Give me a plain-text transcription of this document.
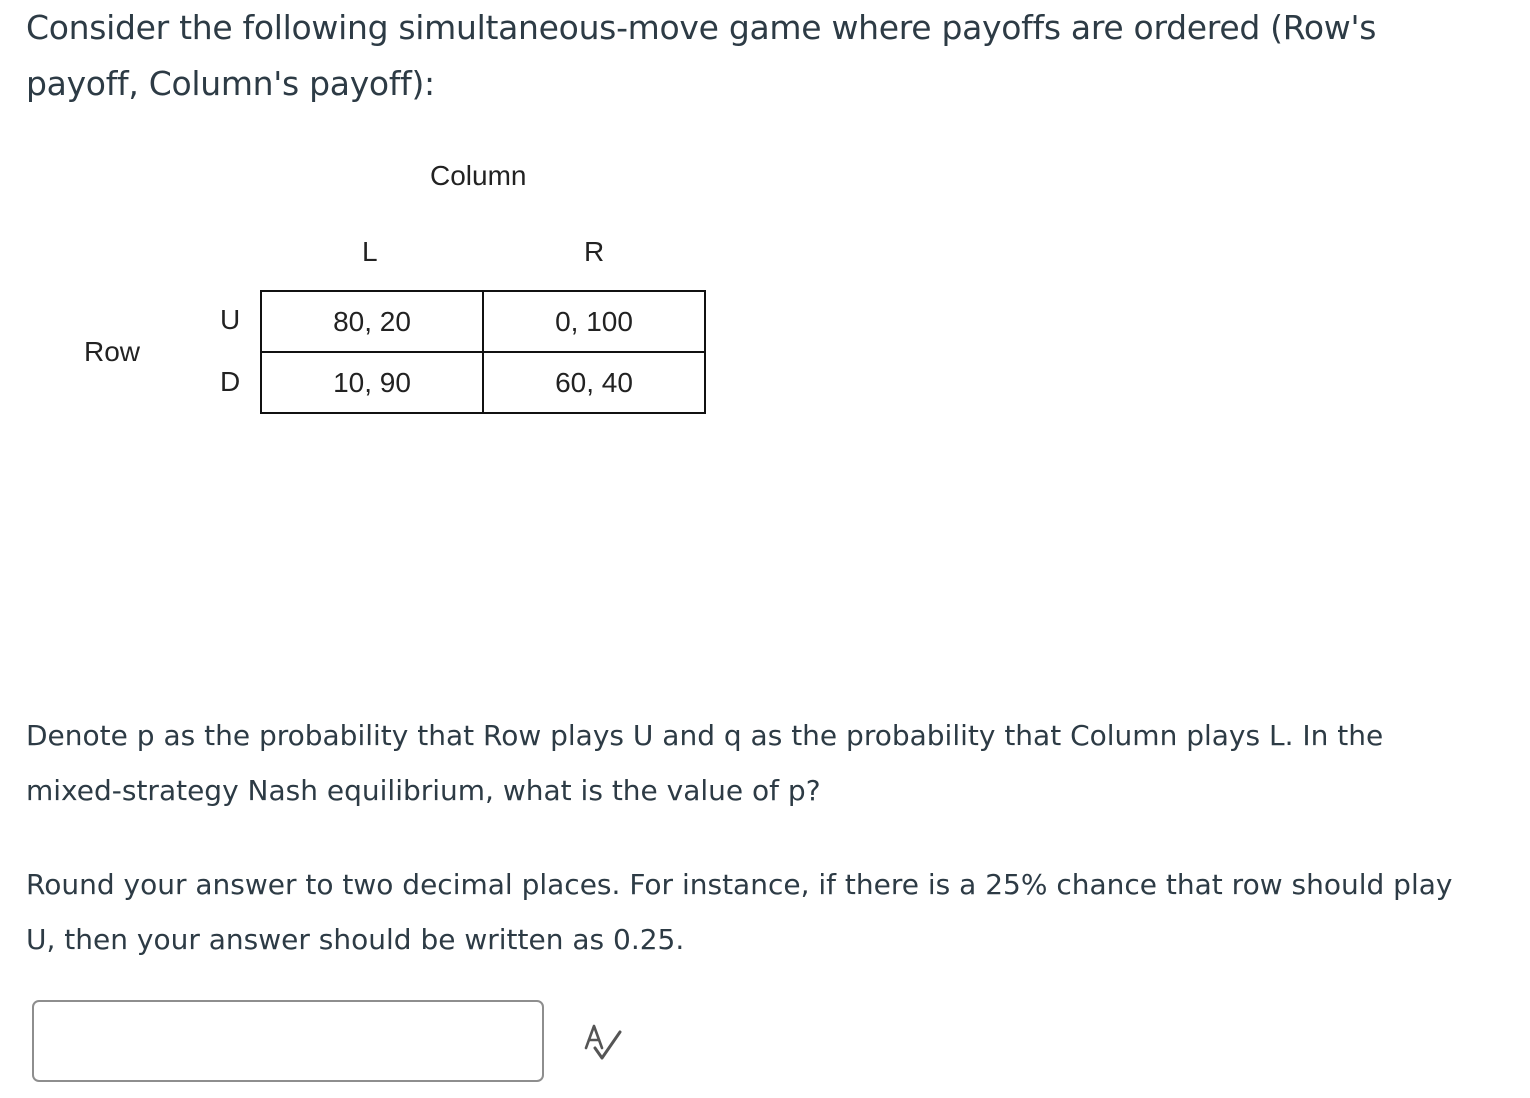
Consider the following simultaneous-move game where payoffs are ordered (Row's payoff, Column's payoff):

Column
L	R
Row
U
D
80, 20	0, 100
10, 90	60, 40

Denote p as the probability that Row plays U and q as the probability that Column plays L. In the mixed-strategy Nash equilibrium, what is the value of p?

Round your answer to two decimal places. For instance, if there is a 25% chance that row should play U, then your answer should be written as 0.25.
